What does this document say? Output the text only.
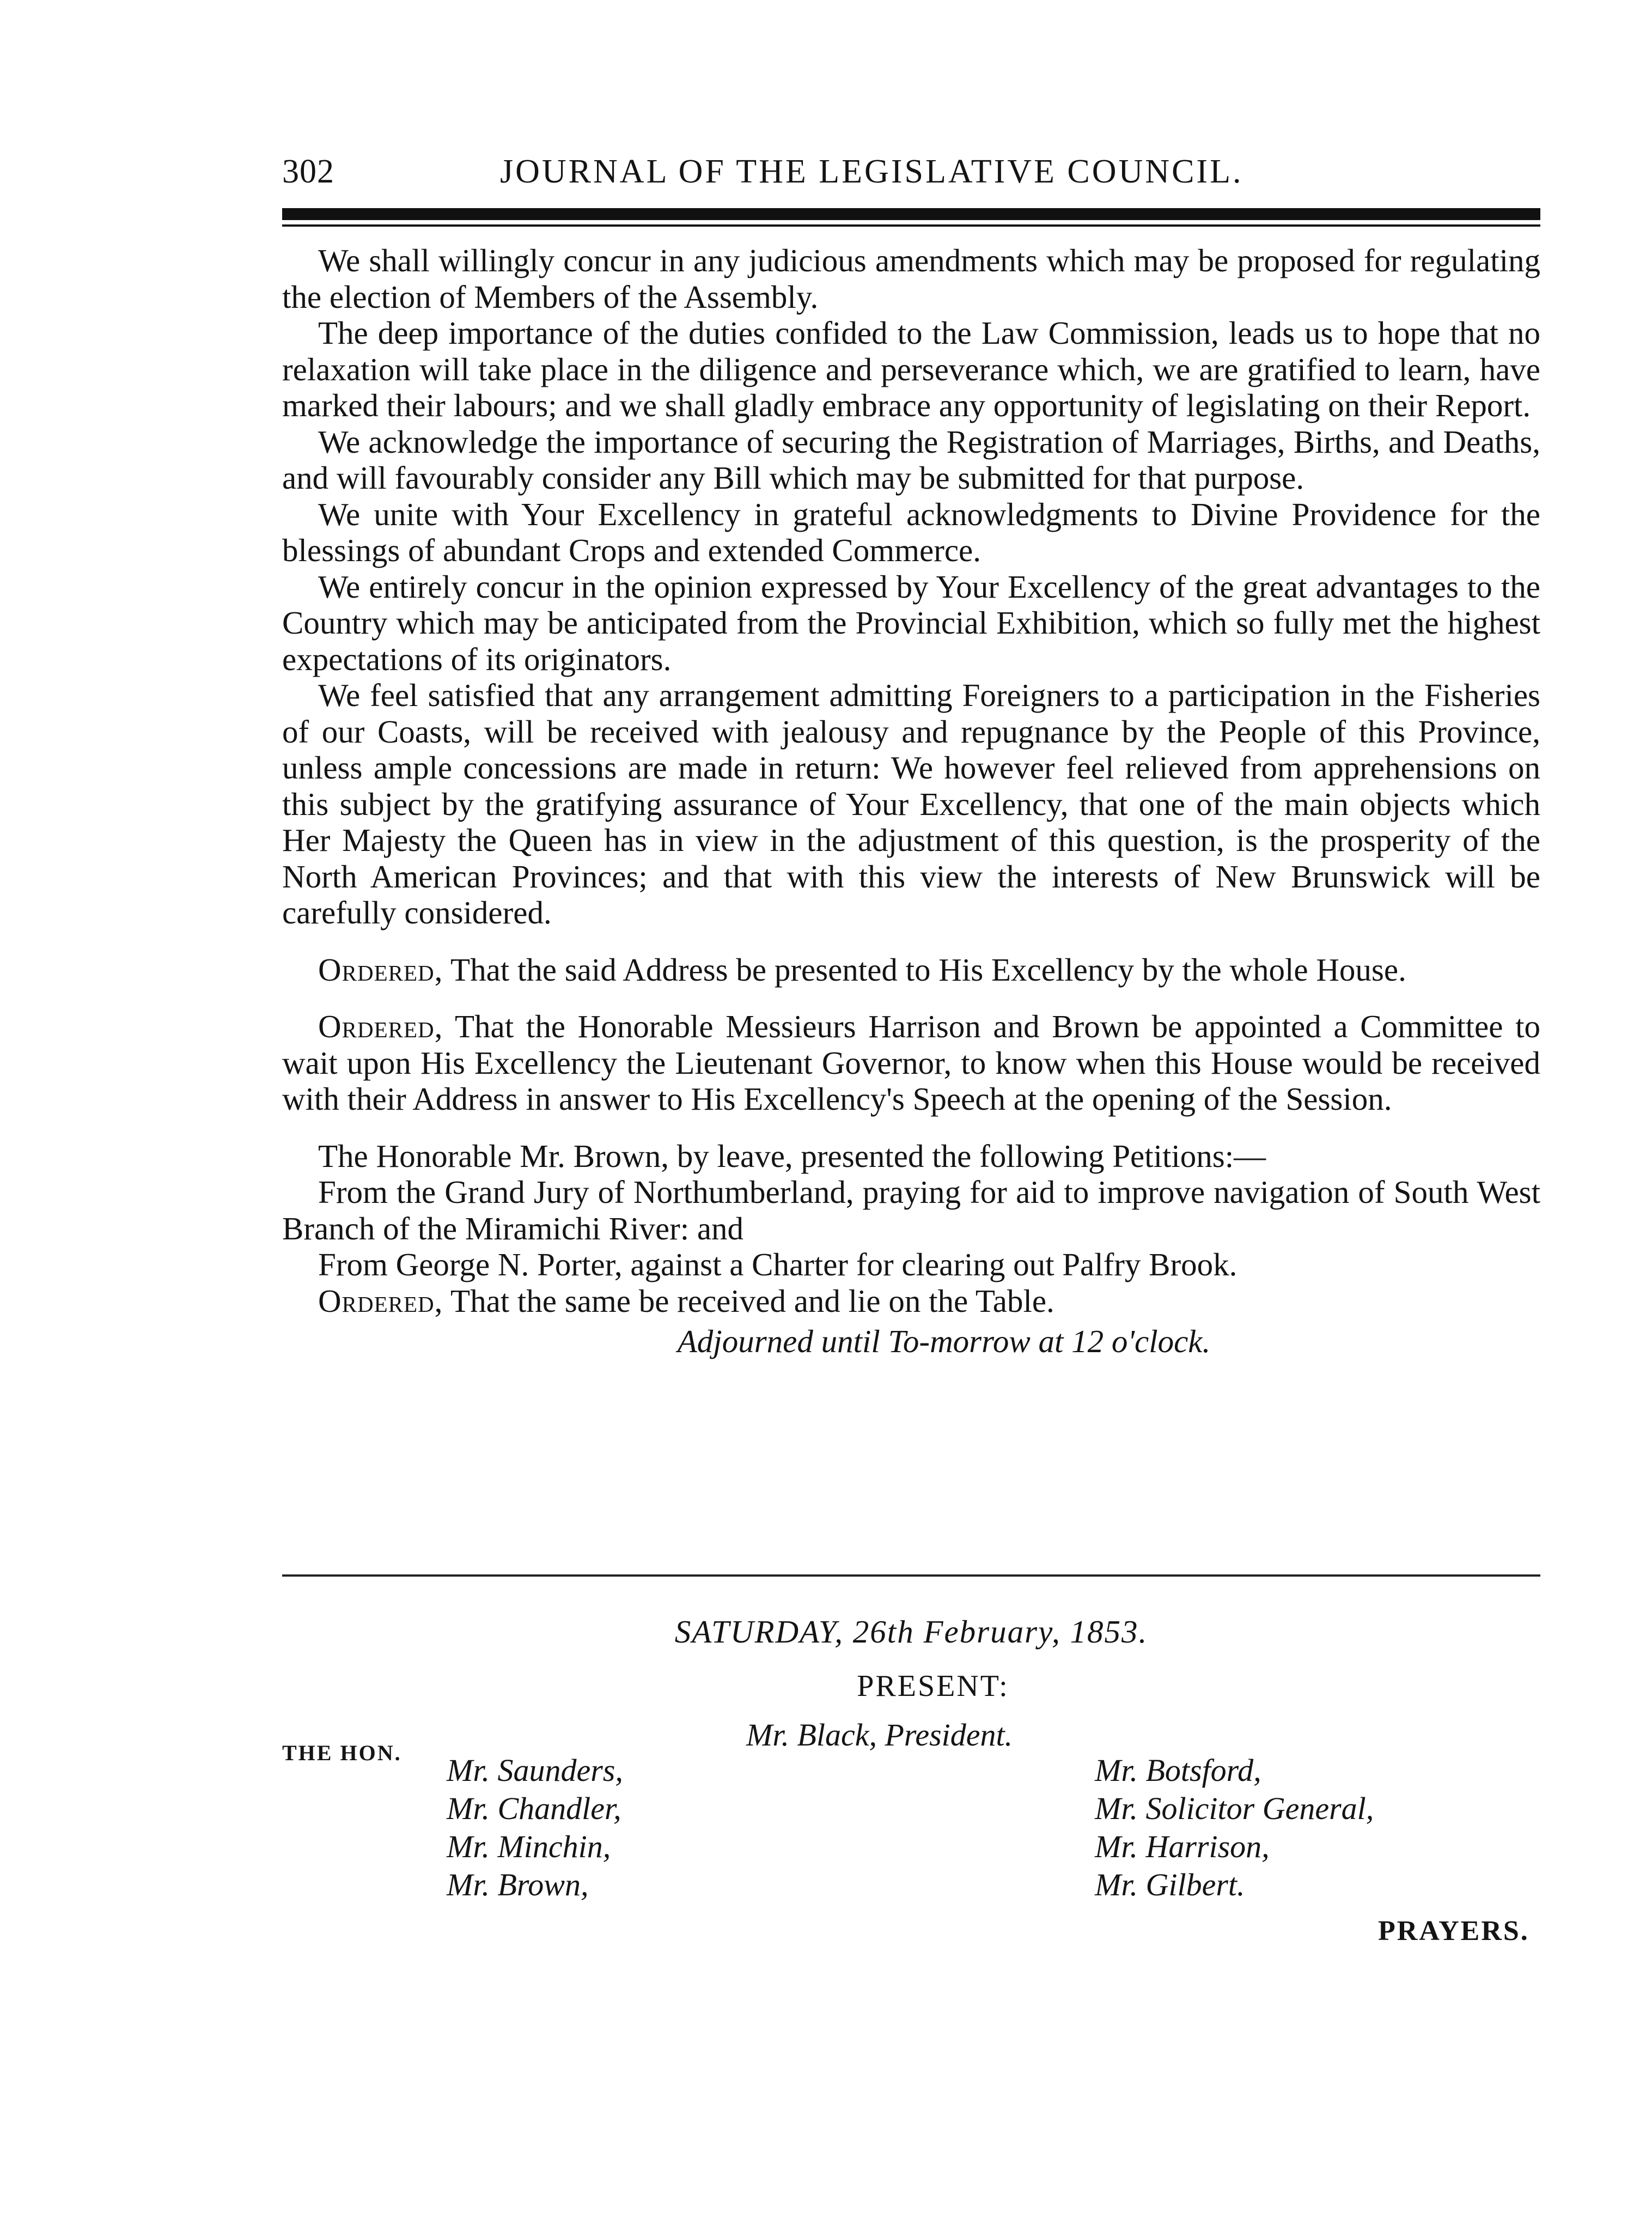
302	JOURNAL OF THE LEGISLATIVE COUNCIL.

We shall willingly concur in any judicious amendments which may be proposed for regulating the election of Members of the Assembly.

The deep importance of the duties confided to the Law Commission, leads us to hope that no relaxation will take place in the diligence and perseverance which, we are gratified to learn, have marked their labours; and we shall gladly embrace any opportunity of legislating on their Report.

We acknowledge the importance of securing the Registration of Marriages, Births, and Deaths, and will favourably consider any Bill which may be submitted for that purpose.

We unite with Your Excellency in grateful acknowledgments to Divine Providence for the blessings of abundant Crops and extended Commerce.

We entirely concur in the opinion expressed by Your Excellency of the great advantages to the Country which may be anticipated from the Provincial Exhibition, which so fully met the highest expectations of its originators.

We feel satisfied that any arrangement admitting Foreigners to a participation in the Fisheries of our Coasts, will be received with jealousy and repugnance by the People of this Province, unless ample concessions are made in return: We however feel relieved from apprehensions on this subject by the gratifying assurance of Your Excellency, that one of the main objects which Her Majesty the Queen has in view in the adjustment of this question, is the prosperity of the North American Provinces; and that with this view the interests of New Brunswick will be carefully considered.

Ordered, That the said Address be presented to His Excellency by the whole House.

Ordered, That the Honorable Messieurs Harrison and Brown be appointed a Committee to wait upon His Excellency the Lieutenant Governor, to know when this House would be received with their Address in answer to His Excellency's Speech at the opening of the Session.

The Honorable Mr. Brown, by leave, presented the following Petitions:—

From the Grand Jury of Northumberland, praying for aid to improve navigation of South West Branch of the Miramichi River: and

From George N. Porter, against a Charter for clearing out Palfry Brook.

Ordered, That the same be received and lie on the Table.

Adjourned until To-morrow at 12 o'clock.

SATURDAY, 26th February, 1853.
PRESENT:
THE HON.
Mr. Black, President.
Mr. Saunders,
Mr. Chandler,
Mr. Minchin,
Mr. Brown,
Mr. Botsford,
Mr. Solicitor General,
Mr. Harrison,
Mr. Gilbert.
PRAYERS.
